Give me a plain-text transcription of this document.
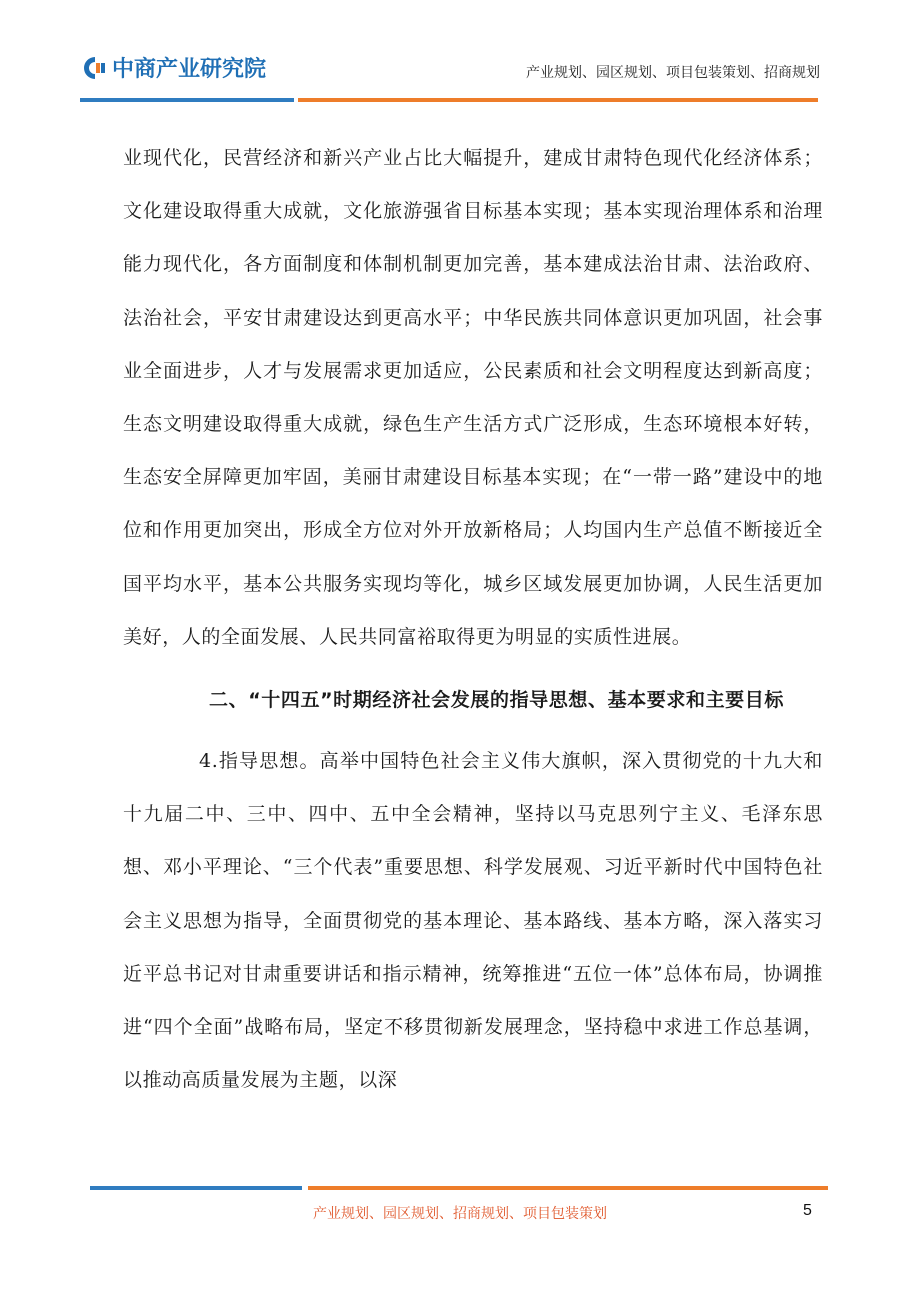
中商产业研究院	产业规划、园区规划、项目包装策划、招商规划

业现代化，民营经济和新兴产业占比大幅提升，建成甘肃特色现代化经济体系；文化建设取得重大成就，文化旅游强省目标基本实现；基本实现治理体系和治理能力现代化，各方面制度和体制机制更加完善，基本建成法治甘肃、法治政府、法治社会，平安甘肃建设达到更高水平；中华民族共同体意识更加巩固，社会事业全面进步，人才与发展需求更加适应，公民素质和社会文明程度达到新高度；生态文明建设取得重大成就，绿色生产生活方式广泛形成，生态环境根本好转，生态安全屏障更加牢固，美丽甘肃建设目标基本实现；在“一带一路”建设中的地位和作用更加突出，形成全方位对外开放新格局；人均国内生产总值不断接近全国平均水平，基本公共服务实现均等化，城乡区域发展更加协调，人民生活更加美好，人的全面发展、人民共同富裕取得更为明显的实质性进展。

二、“十四五”时期经济社会发展的指导思想、基本要求和主要目标

4.指导思想。高举中国特色社会主义伟大旗帜，深入贯彻党的十九大和十九届二中、三中、四中、五中全会精神，坚持以马克思列宁主义、毛泽东思想、邓小平理论、“三个代表”重要思想、科学发展观、习近平新时代中国特色社会主义思想为指导，全面贯彻党的基本理论、基本路线、基本方略，深入落实习近平总书记对甘肃重要讲话和指示精神，统筹推进“五位一体”总体布局，协调推进“四个全面”战略布局，坚定不移贯彻新发展理念，坚持稳中求进工作总基调，以推动高质量发展为主题，以深

产业规划、园区规划、招商规划、项目包装策划	5
